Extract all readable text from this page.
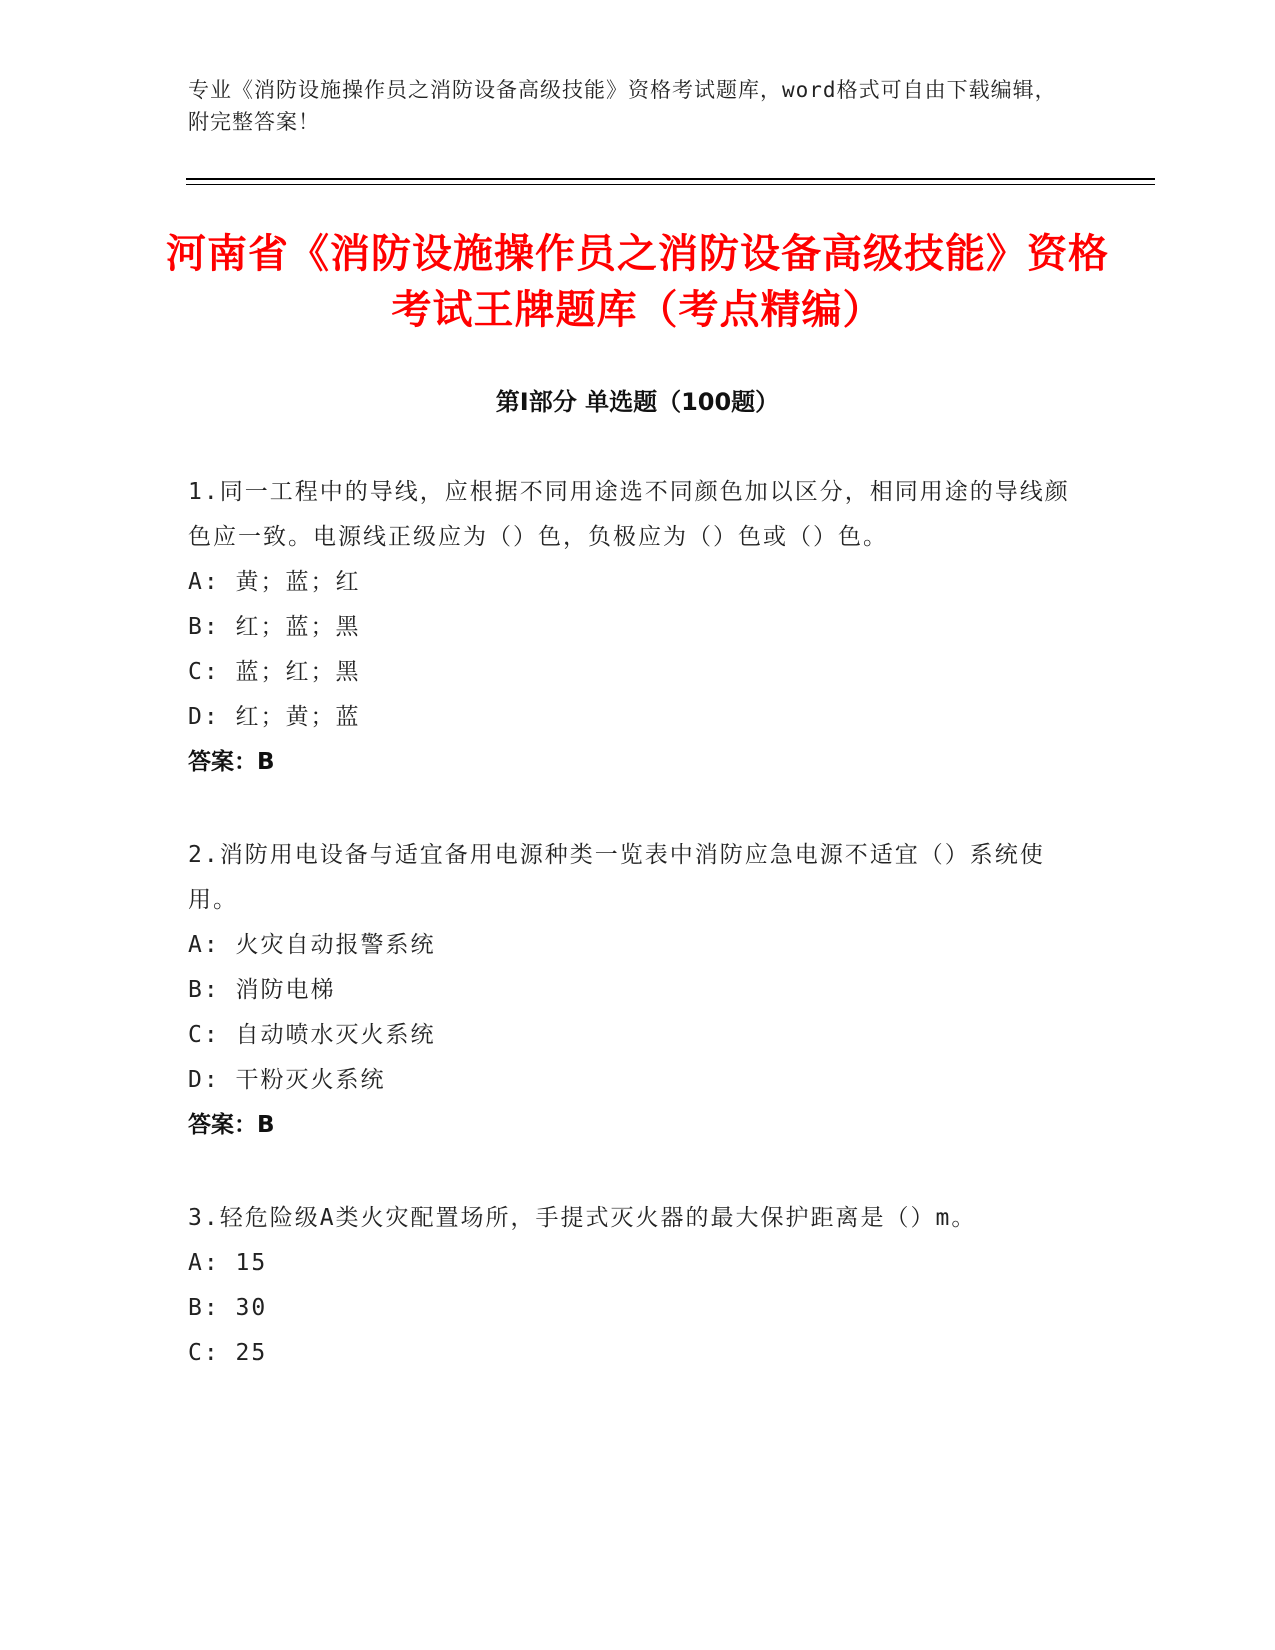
专业《消防设施操作员之消防设备高级技能》资格考试题库，word格式可自由下载编辑，附完整答案！
河南省《消防设施操作员之消防设备高级技能》资格考试王牌题库（考点精编）
第Ⅰ部分 单选题（100题）
1.同一工程中的导线，应根据不同用途选不同颜色加以区分，相同用途的导线颜色应一致。电源线正级应为（）色，负极应为（）色或（）色。
A: 黄；蓝；红
B: 红；蓝；黑
C: 蓝；红；黑
D: 红；黄；蓝
答案：B
2.消防用电设备与适宜备用电源种类一览表中消防应急电源不适宜（）系统使用。
A: 火灾自动报警系统
B: 消防电梯
C: 自动喷水灭火系统
D: 干粉灭火系统
答案：B
3.轻危险级A类火灾配置场所，手提式灭火器的最大保护距离是（）m。
A: 15
B: 30
C: 25
